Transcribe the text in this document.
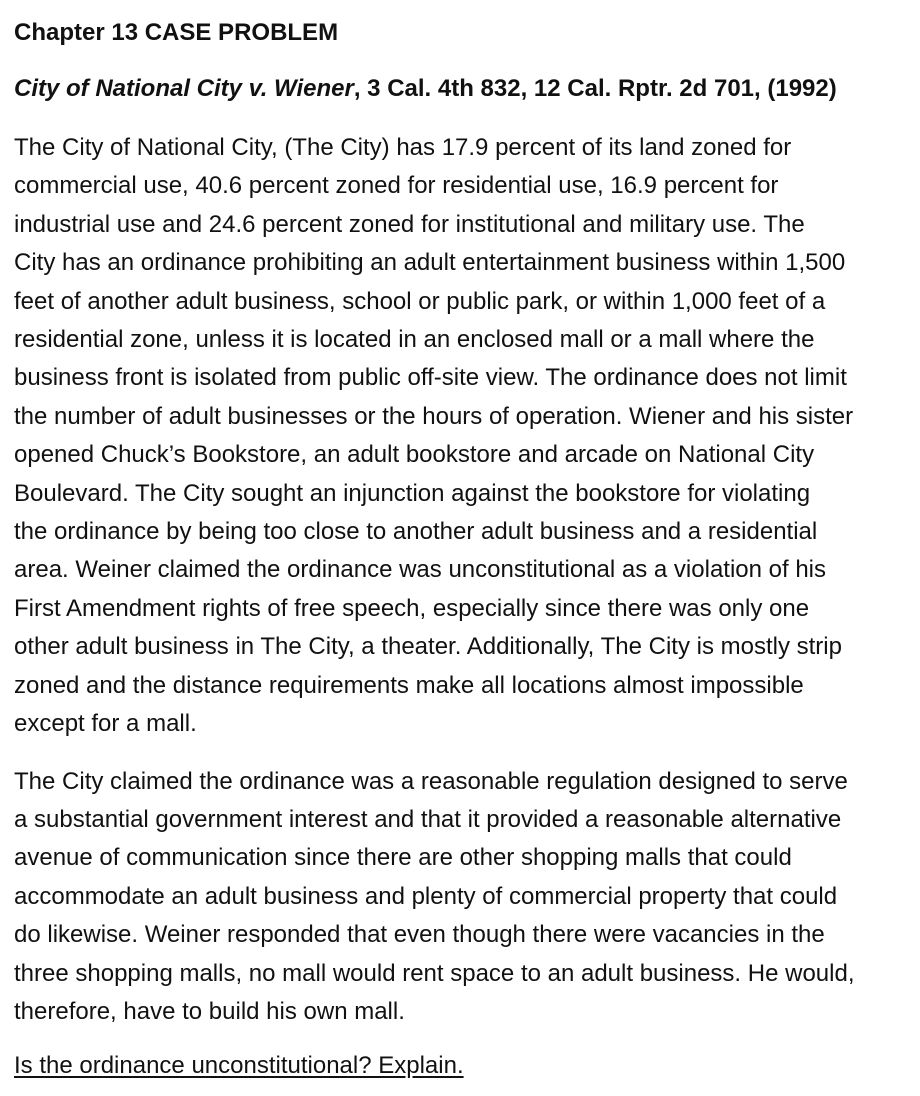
Chapter 13 CASE PROBLEM

City of National City v. Wiener, 3 Cal. 4th 832, 12 Cal. Rptr. 2d 701, (1992)

The City of National City, (The City) has 17.9 percent of its land zoned for
commercial use, 40.6 percent zoned for residential use, 16.9 percent for
industrial use and 24.6 percent zoned for institutional and military use. The
City has an ordinance prohibiting an adult entertainment business within 1,500
feet of another adult business, school or public park, or within 1,000 feet of a
residential zone, unless it is located in an enclosed mall or a mall where the
business front is isolated from public off-site view. The ordinance does not limit
the number of adult businesses or the hours of operation. Wiener and his sister
opened Chuck’s Bookstore, an adult bookstore and arcade on National City
Boulevard. The City sought an injunction against the bookstore for violating
the ordinance by being too close to another adult business and a residential
area. Weiner claimed the ordinance was unconstitutional as a violation of his
First Amendment rights of free speech, especially since there was only one
other adult business in The City, a theater. Additionally, The City is mostly strip
zoned and the distance requirements make all locations almost impossible
except for a mall.

The City claimed the ordinance was a reasonable regulation designed to serve
a substantial government interest and that it provided a reasonable alternative
avenue of communication since there are other shopping malls that could
accommodate an adult business and plenty of commercial property that could
do likewise. Weiner responded that even though there were vacancies in the
three shopping malls, no mall would rent space to an adult business. He would,
therefore, have to build his own mall.

Is the ordinance unconstitutional? Explain.
